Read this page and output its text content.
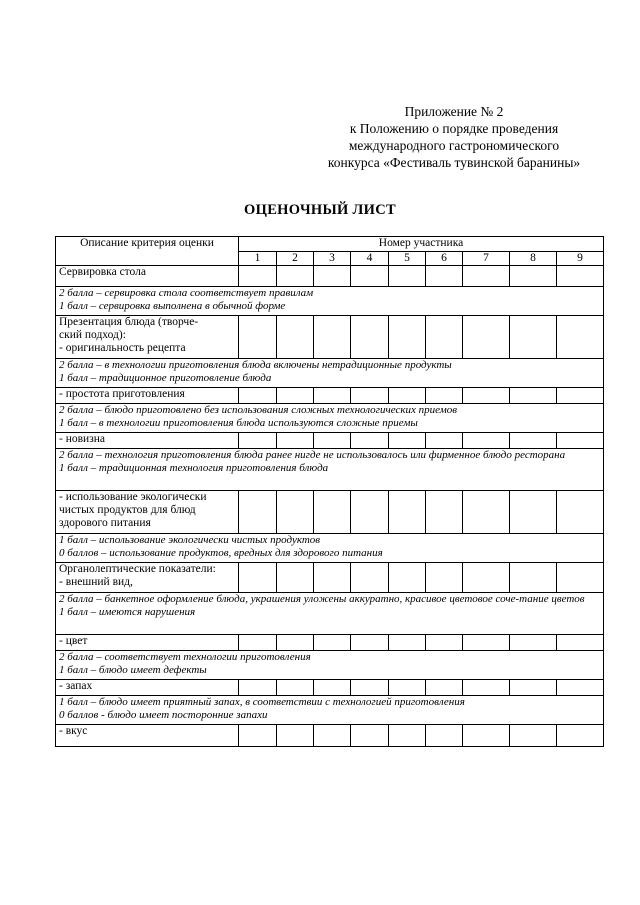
Приложение № 2
к Положению о порядке проведения
международного гастрономического
конкурса «Фестиваль тувинской баранины»
ОЦЕНОЧНЫЙ ЛИСТ
Описание критерия оценки	Номер участника								
	1	2	3	4	5	6	7	8	9

Сервировка стола									

2 балла – сервировка стола соответствует правилам
1 балл – сервировка выполнена в обычной форме									

Презентация блюда (творче-
ский подход):
- оригинальность рецепта									

2 балла – в технологии приготовления блюда включены нетрадиционные продукты
1 балл – традиционное приготовление блюда									

- простота приготовления									

2 балла – блюдо приготовлено без использования сложных технологических приемов
1 балл – в технологии приготовления блюда используются сложные приемы									

- новизна									

2 балла – технология приготовления блюда ранее нигде не использовалось или фирменное блюдо ресторана
1 балл – традиционная технология приготовления блюда									

- использование экологически
чистых продуктов для блюд
здорового питания									

1 балл – использование экологически чистых продуктов
0 баллов – использование продуктов, вредных для здорового питания									

Органолептические показатели:
- внешний вид,									

2 балла – банкетное оформление блюда, украшения уложены аккуратно, красивое цветовое соче-тание цветов
1 балл – имеются нарушения									

- цвет									

2 балла – соответствует технологии приготовления
1 балл – блюдо имеет дефекты									

- запах									

1 балл – блюдо имеет приятный запах, в соответствии с технологией приготовления
0 баллов - блюдо имеет посторонние запахи									

- вкус									
